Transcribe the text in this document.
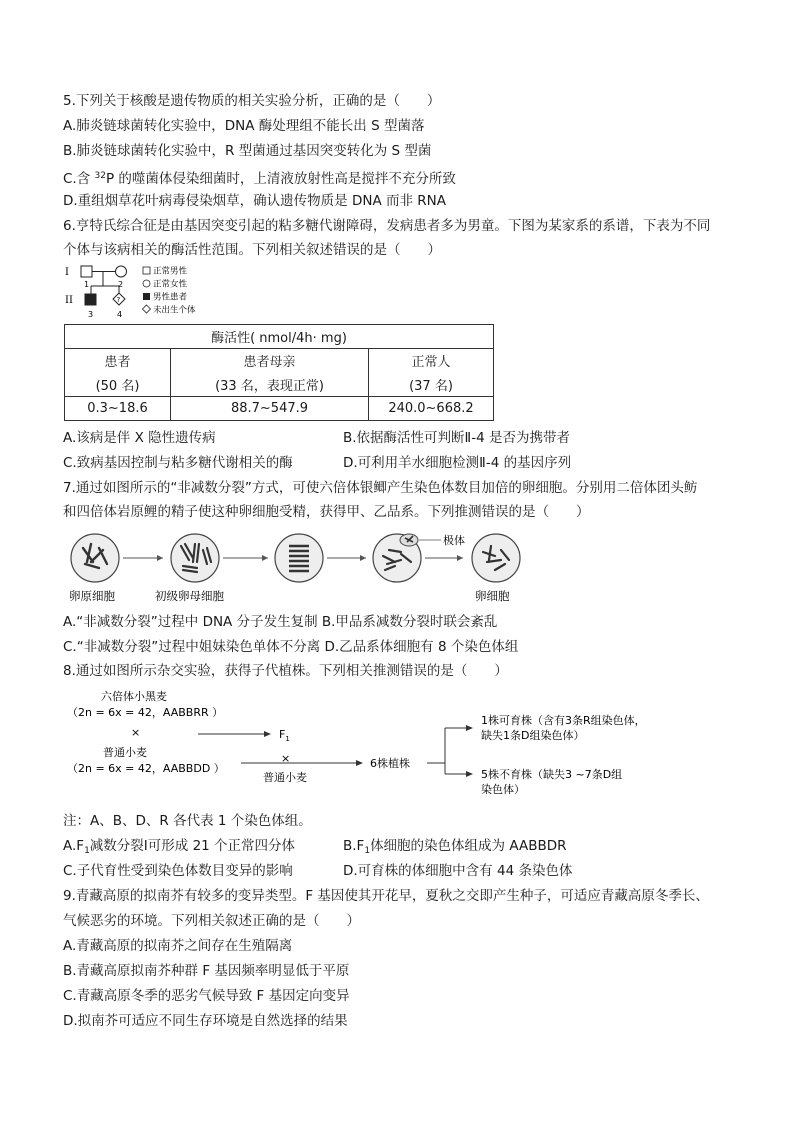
5.下列关于核酸是遗传物质的相关实验分析，正确的是（　　）
A.肺炎链球菌转化实验中，DNA 酶处理组不能长出 S 型菌落
B.肺炎链球菌转化实验中，R 型菌通过基因突变转化为 S 型菌
C.含 $^{32}$P 的噬菌体侵染细菌时，上清液放射性高是搅拌不充分所致
D.重组烟草花叶病毒侵染烟草，确认遗传物质是 DNA 而非 RNA
6.亨特氏综合征是由基因突变引起的粘多糖代谢障碍，发病患者多为男童。下图为某家系的系谱，下表为不同
个体与该病相关的酶活性范围。下列相关叙述错误的是（　　）
I
II
1	2
?
3	4
正常男性
正常女性
男性患者
未出生个体
酶活性( nmol/4h· mg)		
患者	患者母亲	正常人
(50 名)	(33 名，表现正常)	(37 名)
0.3~18.6	88.7~547.9	240.0~668.2
A.该病是伴 X 隐性遗传病	B.依据酶活性可判断Ⅱ-4 是否为携带者
C.致病基因控制与粘多糖代谢相关的酶	D.可利用羊水细胞检测Ⅱ-4 的基因序列
7.通过如图所示的“非减数分裂”方式，可使六倍体银鲫产生染色体数目加倍的卵细胞。分别用二倍体团头鲂
和四倍体岩原鲤的精子使这种卵细胞受精，获得甲、乙品系。下列推测错误的是（　　）
极体
卵原细胞	初级卵母细胞	卵细胞
A.“非减数分裂”过程中 DNA 分子发生复制 B.甲品系减数分裂时联会紊乱
C.“非减数分裂”过程中姐妹染色单体不分离 D.乙品系体细胞有 8 个染色体组
8.通过如图所示杂交实验，获得子代植株。下列相关推测错误的是（　　）
六倍体小黑麦
（2n = 6x = 42，AABBRR ）
×
普通小麦
（2n = 6x = 42，AABBDD ）
$F_1$
×
普通小麦
6株植株
1株可育株（含有3条R组染色体，
缺失1条D组染色体）
5株不育株（缺失3 ~7条D组
染色体）
注：A、B、D、R 各代表 1 个染色体组。
$A.F_1$减数分裂Ⅰ可形成 21 个正常四分体	$B.F_1$体细胞的染色体组成为 AABBDR
C.子代育性受到染色体数目变异的影响	D.可育株的体细胞中含有 44 条染色体
9.青藏高原的拟南芥有较多的变异类型。F 基因使其开花早，夏秋之交即产生种子，可适应青藏高原冬季长、
气候恶劣的环境。下列相关叙述正确的是（　　）
A.青藏高原的拟南芥之间存在生殖隔离
B.青藏高原拟南芥种群 F 基因频率明显低于平原
C.青藏高原冬季的恶劣气候导致 F 基因定向变异
D.拟南芥可适应不同生存环境是自然选择的结果
